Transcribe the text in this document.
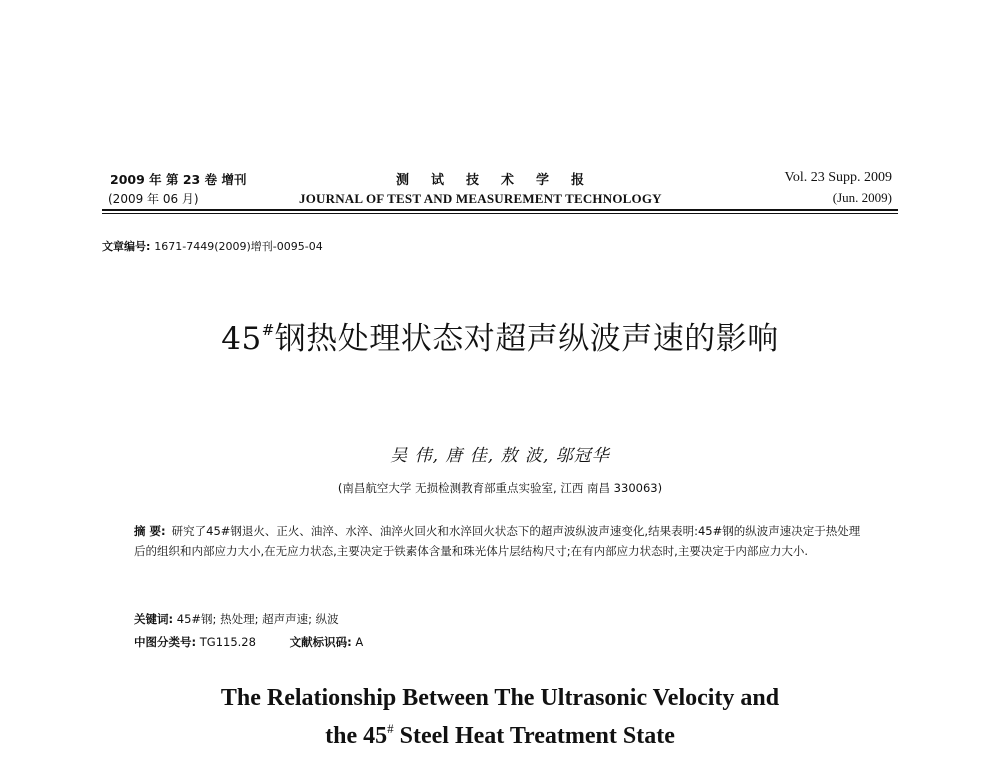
2009 年 第 23 卷 增刊
(2009 年 06 月)
测试技术学报
JOURNAL OF TEST AND MEASUREMENT TECHNOLOGY
Vol. 23 Supp. 2009
(Jun. 2009)
文章编号: 1671-7449(2009)增刊-0095-04
45#钢热处理状态对超声纵波声速的影响
吴 伟, 唐 佳, 敖 波, 邬冠华
(南昌航空大学 无损检测教育部重点实验室, 江西 南昌 330063)
摘 要: 研究了45#钢退火、正火、油淬、水淬、油淬火回火和水淬回火状态下的超声波纵波声速变化,结果表明:45#钢的纵波声速决定于热处理后的组织和内部应力大小,在无应力状态,主要决定于铁素体含量和珠光体片层结构尺寸;在有内部应力状态时,主要决定于内部应力大小.
关键词: 45#钢; 热处理; 超声声速; 纵波
中图分类号: TG115.28	文献标识码: A
The Relationship Between The Ultrasonic Velocity and
the 45# Steel Heat Treatment State
